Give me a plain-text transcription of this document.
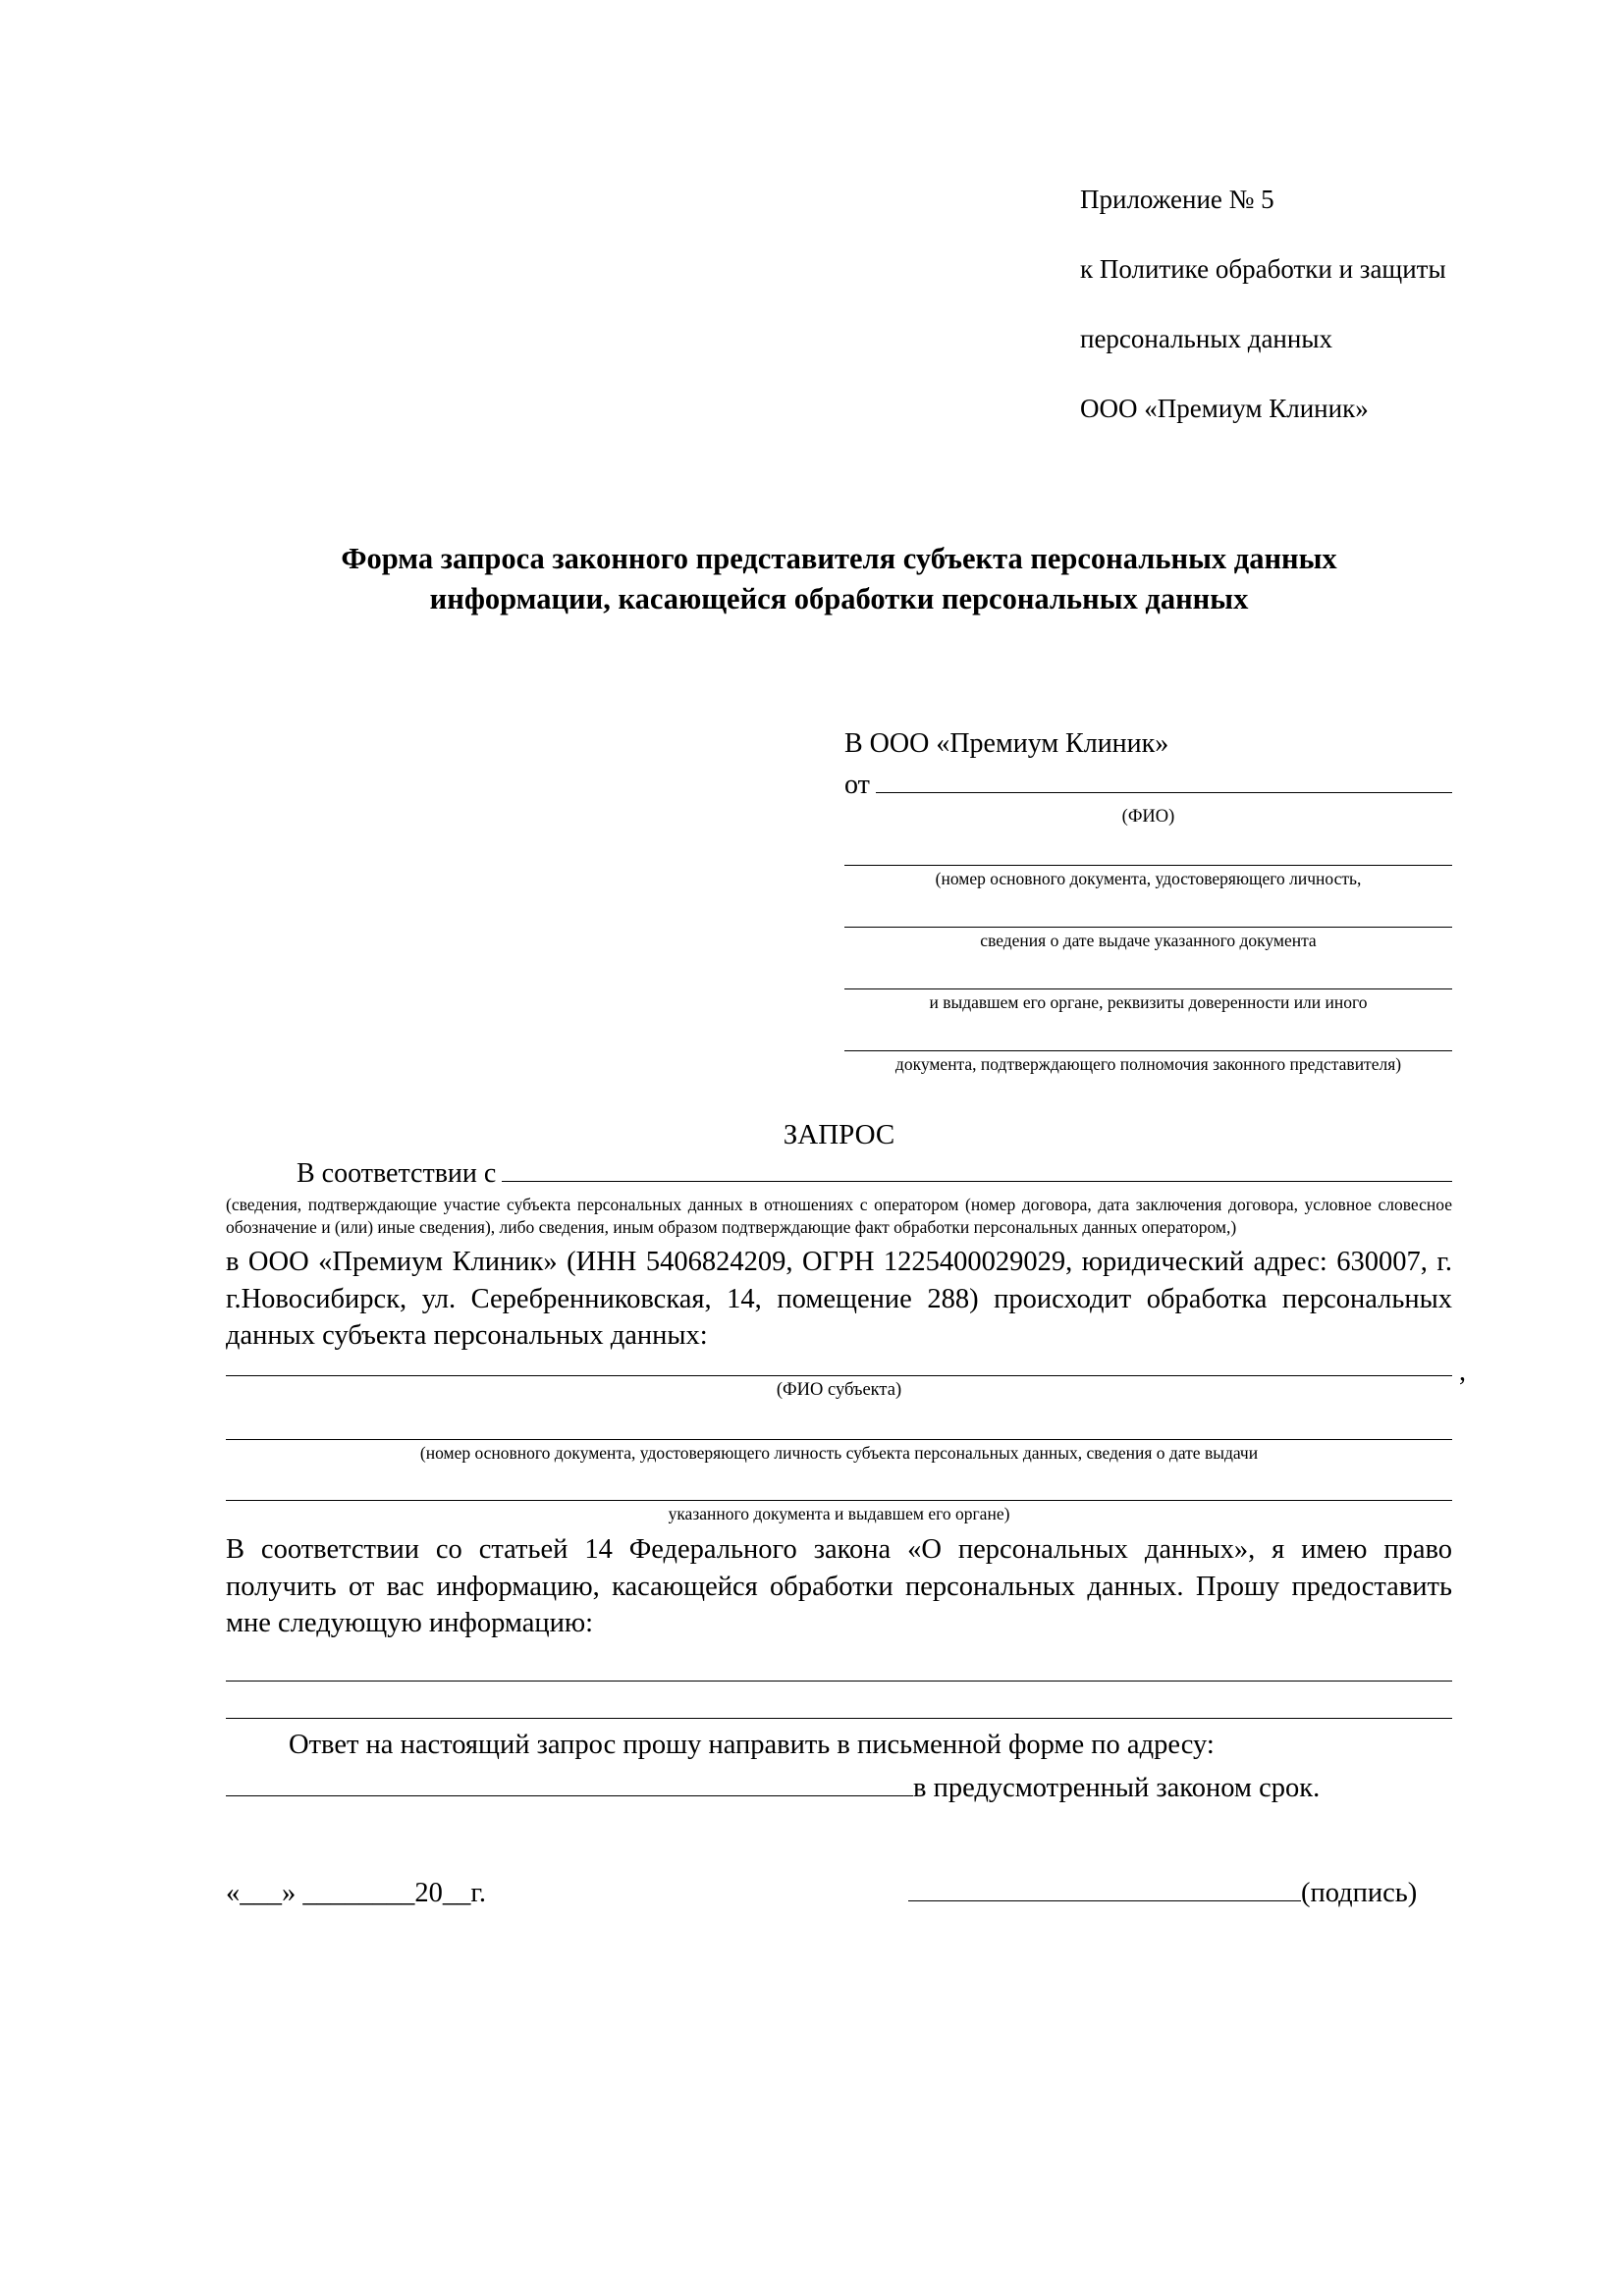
Приложение № 5

к Политике обработки и защиты

персональных данных

ООО «Премиум Клиник»

Форма запроса законного представителя субъекта персональных данных
информации, касающейся обработки персональных данных
В ООО «Премиум Клиник»
от
(ФИО)
(номер основного документа, удостоверяющего личность,
сведения о дате выдаче указанного документа
и выдавшем его органе, реквизиты доверенности или иного
документа, подтверждающего полномочия законного представителя)
ЗАПРОС
В соответствии с
(сведения, подтверждающие участие субъекта персональных данных в отношениях с оператором (номер договора, дата заключения договора, условное словесное обозначение и (или) иные сведения), либо сведения, иным образом подтверждающие факт обработки персональных данных оператором,)
в ООО «Премиум Клиник» (ИНН 5406824209, ОГРН 1225400029029, юридический адрес: 630007, г. г.Новосибирск, ул. Серебренниковская, 14, помещение 288) происходит обработка персональных данных субъекта персональных данных:
,
(ФИО субъекта)
(номер основного документа, удостоверяющего личность субъекта персональных данных, сведения о дате выдачи
указанного документа и выдавшем его органе)
В соответствии со статьей 14 Федерального закона «О персональных данных», я имею право получить от вас информацию, касающейся обработки персональных данных. Прошу предоставить мне следующую информацию:
Ответ на настоящий запрос прошу направить в письменной форме по адресу:
в предусмотренный законом срок.
«___» ________20__г.	(подпись)
